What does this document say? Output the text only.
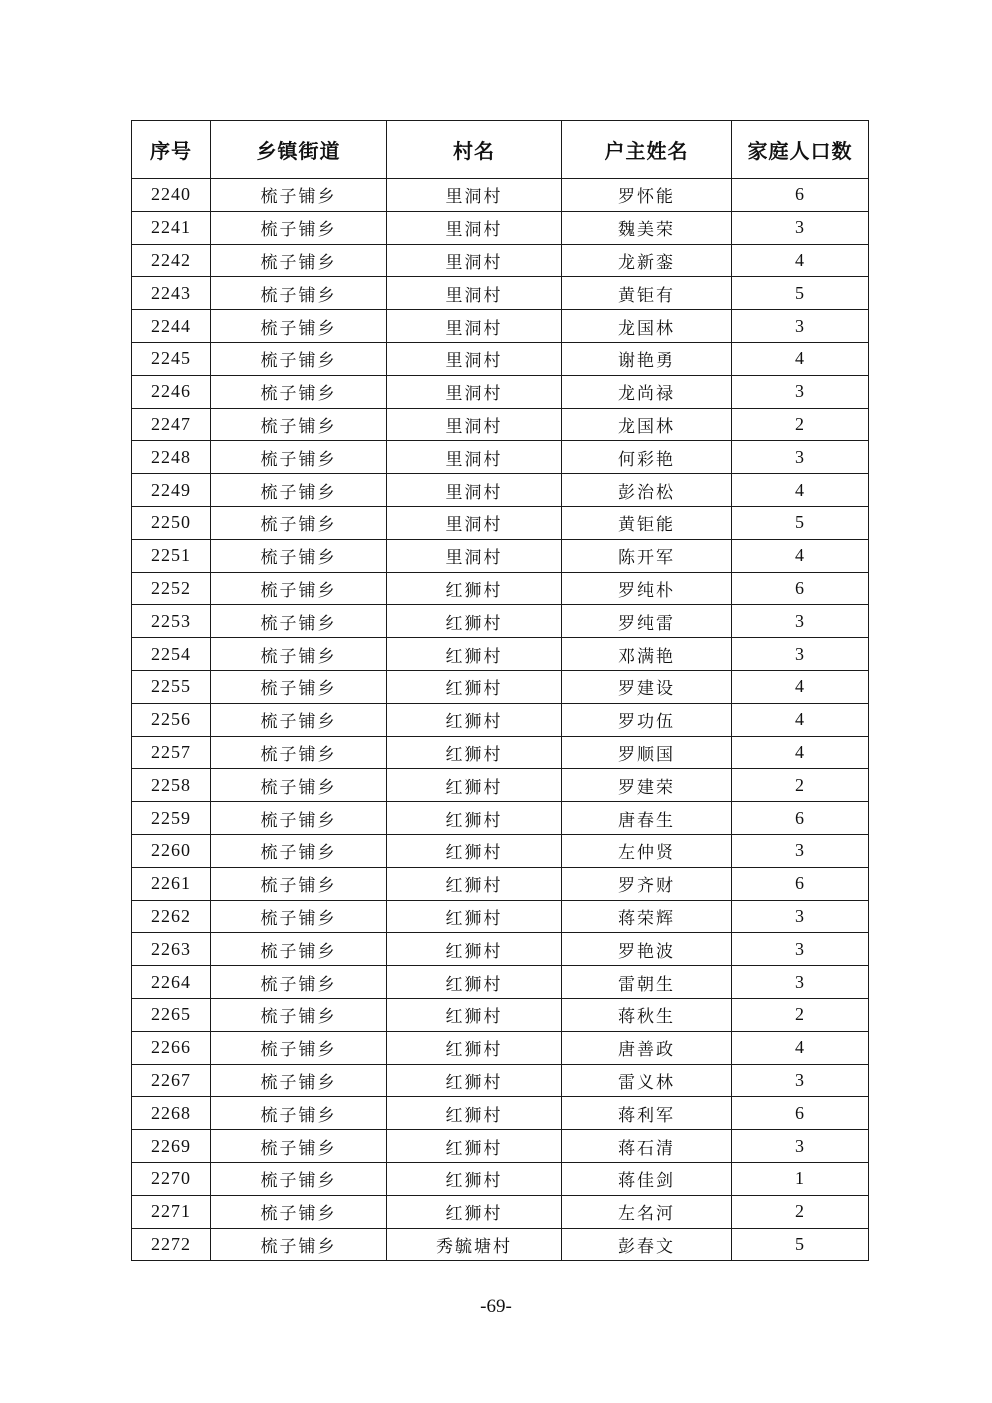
序号	乡镇街道	村名	户主姓名	家庭人口数
2240	梳子铺乡	里洞村	罗怀能	6
2241	梳子铺乡	里洞村	魏美荣	3
2242	梳子铺乡	里洞村	龙新銮	4
2243	梳子铺乡	里洞村	黄钜有	5
2244	梳子铺乡	里洞村	龙国林	3
2245	梳子铺乡	里洞村	谢艳勇	4
2246	梳子铺乡	里洞村	龙尚禄	3
2247	梳子铺乡	里洞村	龙国林	2
2248	梳子铺乡	里洞村	何彩艳	3
2249	梳子铺乡	里洞村	彭治松	4
2250	梳子铺乡	里洞村	黄钜能	5
2251	梳子铺乡	里洞村	陈开军	4
2252	梳子铺乡	红狮村	罗纯朴	6
2253	梳子铺乡	红狮村	罗纯雷	3
2254	梳子铺乡	红狮村	邓满艳	3
2255	梳子铺乡	红狮村	罗建设	4
2256	梳子铺乡	红狮村	罗功伍	4
2257	梳子铺乡	红狮村	罗顺国	4
2258	梳子铺乡	红狮村	罗建荣	2
2259	梳子铺乡	红狮村	唐春生	6
2260	梳子铺乡	红狮村	左仲贤	3
2261	梳子铺乡	红狮村	罗齐财	6
2262	梳子铺乡	红狮村	蒋荣辉	3
2263	梳子铺乡	红狮村	罗艳波	3
2264	梳子铺乡	红狮村	雷朝生	3
2265	梳子铺乡	红狮村	蒋秋生	2
2266	梳子铺乡	红狮村	唐善政	4
2267	梳子铺乡	红狮村	雷义林	3
2268	梳子铺乡	红狮村	蒋利军	6
2269	梳子铺乡	红狮村	蒋石清	3
2270	梳子铺乡	红狮村	蒋佳剑	1
2271	梳子铺乡	红狮村	左名河	2
2272	梳子铺乡	秀毓塘村	彭春文	5
-69-
